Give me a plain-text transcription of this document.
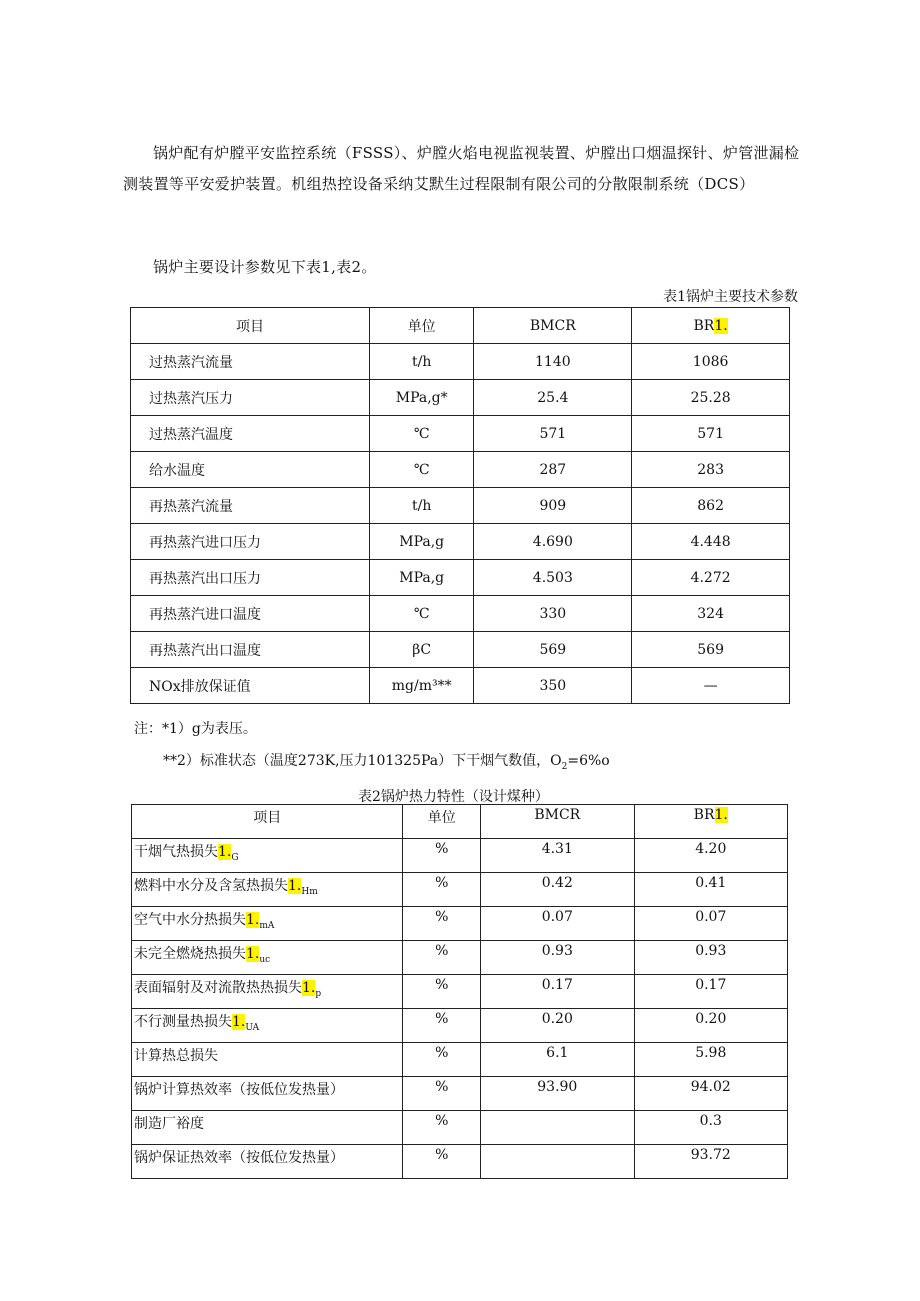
锅炉配有炉膛平安监控系统（FSSS）、炉膛火焰电视监视装置、炉膛出口烟温探针、炉管泄漏检测装置等平安爱护装置。机组热控设备采纳艾默生过程限制有限公司的分散限制系统（DCS）

锅炉主要设计参数见下表1,表2。

表1锅炉主要技术参数

项目	单位	BMCR	BR1.
过热蒸汽流量	t/h	1140	1086
过热蒸汽压力	MPa,g*	25.4	25.28
过热蒸汽温度	℃	571	571
给水温度	℃	287	283
再热蒸汽流量	t/h	909	862
再热蒸汽进口压力	MPa,g	4.690	4.448
再热蒸汽出口压力	MPa,g	4.503	4.272
再热蒸汽进口温度	℃	330	324
再热蒸汽出口温度	βC	569	569
NOx排放保证值	mg/m³**	350	—

注：*1）g为表压。

**2）标准状态（温度273K,压力101325Pa）下干烟气数值，$O_2=6\%o$

表2锅炉热力特性（设计煤种）

项目	单位	BMCR	BR1.
干烟气热损失$1._G$	%	4.31	4.20
燃料中水分及含氢热损失$1._{Hm}$	%	0.42	0.41
空气中水分热损失$1._{mA}$	%	0.07	0.07
未完全燃烧热损失$1._{uc}$	%	0.93	0.93
表面辐射及对流散热热损失$1._p$	%	0.17	0.17
不行测量热损失$1._{UA}$	%	0.20	0.20
计算热总损失	%	6.1	5.98
锅炉计算热效率（按低位发热量）	%	93.90	94.02
制造厂裕度	%		0.3
锅炉保证热效率（按低位发热量）	%		93.72
